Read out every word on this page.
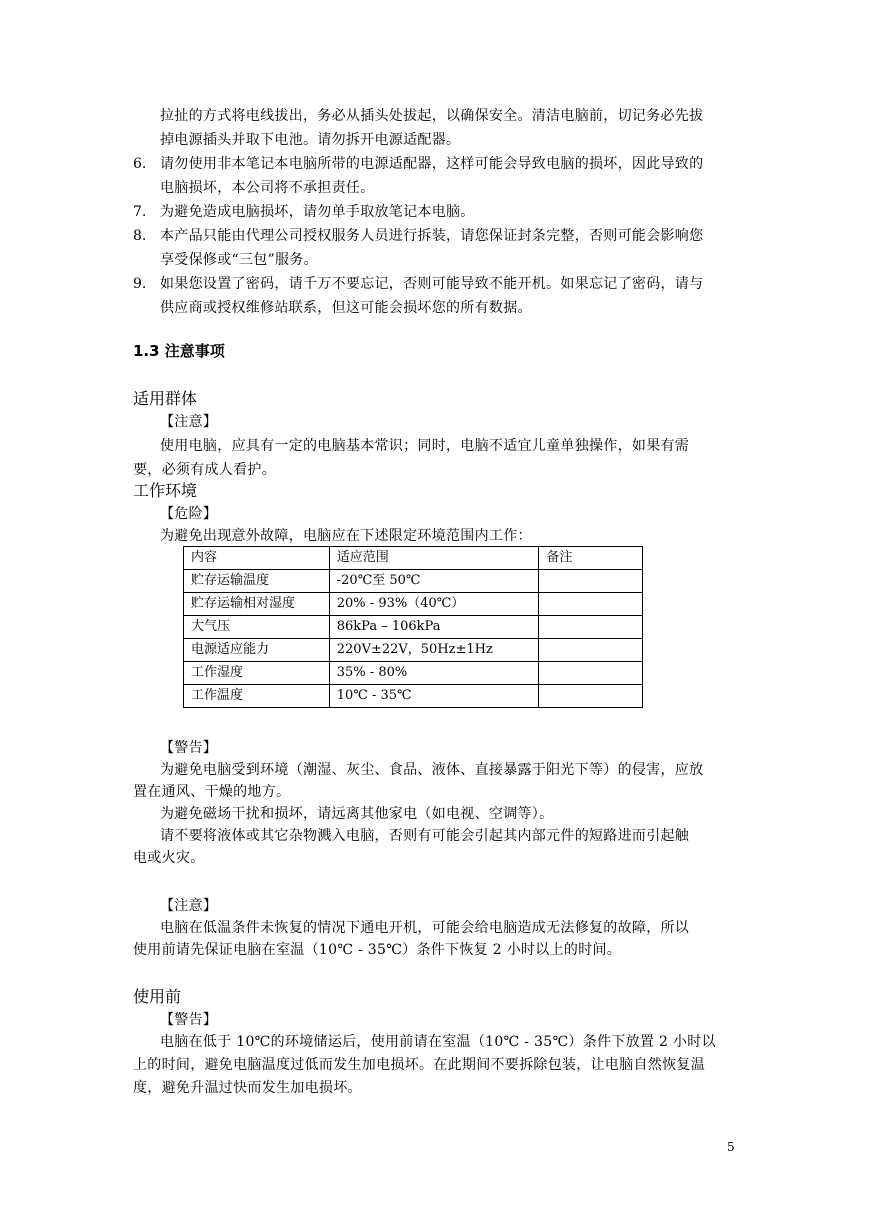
拉扯的方式将电线拔出，务必从插头处拔起，以确保安全。清洁电脑前，切记务必先拔
掉电源插头并取下电池。请勿拆开电源适配器。
6. 请勿使用非本笔记本电脑所带的电源适配器，这样可能会导致电脑的损坏，因此导致的
电脑损坏，本公司将不承担责任。
7. 为避免造成电脑损坏，请勿单手取放笔记本电脑。
8. 本产品只能由代理公司授权服务人员进行拆装，请您保证封条完整，否则可能会影响您
享受保修或“三包”服务。
9. 如果您设置了密码，请千万不要忘记，否则可能导致不能开机。如果忘记了密码，请与
供应商或授权维修站联系，但这可能会损坏您的所有数据。
1.3 注意事项
适用群体
【注意】
使用电脑，应具有一定的电脑基本常识；同时，电脑不适宜儿童单独操作，如果有需
要，必须有成人看护。
工作环境
【危险】
为避免出现意外故障，电脑应在下述限定环境范围内工作：
内容	适应范围	备注
贮存运输温度	-20℃至 50℃	
贮存运输相对湿度	20% - 93%（40℃）	
大气压	86kPa – 106kPa	
电源适应能力	220V±22V，50Hz±1Hz	
工作湿度	35% - 80%	
工作温度	10℃ - 35℃	
【警告】
为避免电脑受到环境（潮湿、灰尘、食品、液体、直接暴露于阳光下等）的侵害，应放
置在通风、干燥的地方。
为避免磁场干扰和损坏，请远离其他家电（如电视、空调等）。
请不要将液体或其它杂物溅入电脑，否则有可能会引起其内部元件的短路进而引起触
电或火灾。
【注意】
电脑在低温条件未恢复的情况下通电开机，可能会给电脑造成无法修复的故障，所以
使用前请先保证电脑在室温（10℃ - 35℃）条件下恢复 2 小时以上的时间。
使用前
【警告】
电脑在低于 10℃的环境储运后，使用前请在室温（10℃ - 35℃）条件下放置 2 小时以
上的时间，避免电脑温度过低而发生加电损坏。在此期间不要拆除包装，让电脑自然恢复温
度，避免升温过快而发生加电损坏。
5
